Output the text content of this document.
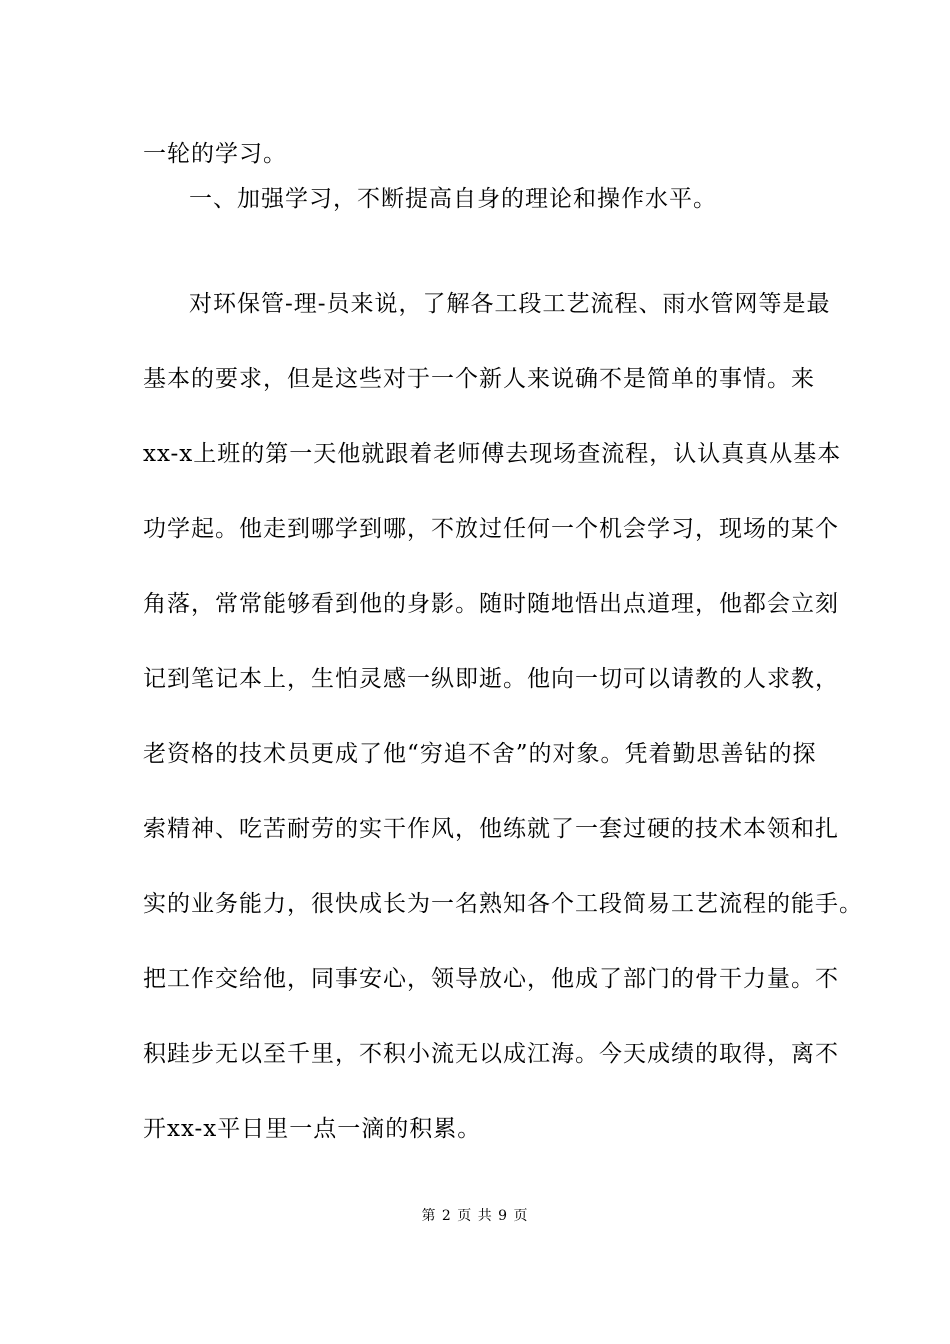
一轮的学习。
一、加强学习，不断提高自身的理论和操作水平。
对环保管-理-员来说，了解各工段工艺流程、雨水管网等是最
基本的要求，但是这些对于一个新人来说确不是简单的事情。来
xx-x上班的第一天他就跟着老师傅去现场查流程，认认真真从基本
功学起。他走到哪学到哪，不放过任何一个机会学习，现场的某个
角落，常常能够看到他的身影。随时随地悟出点道理，他都会立刻
记到笔记本上，生怕灵感一纵即逝。他向一切可以请教的人求教，
老资格的技术员更成了他“穷追不舍”的对象。凭着勤思善钻的探
索精神、吃苦耐劳的实干作风，他练就了一套过硬的技术本领和扎
实的业务能力，很快成长为一名熟知各个工段简易工艺流程的能手。
把工作交给他，同事安心，领导放心，他成了部门的骨干力量。不
积跬步无以至千里，不积小流无以成江海。今天成绩的取得，离不
开xx-x平日里一点一滴的积累。
第 2 页 共 9 页
